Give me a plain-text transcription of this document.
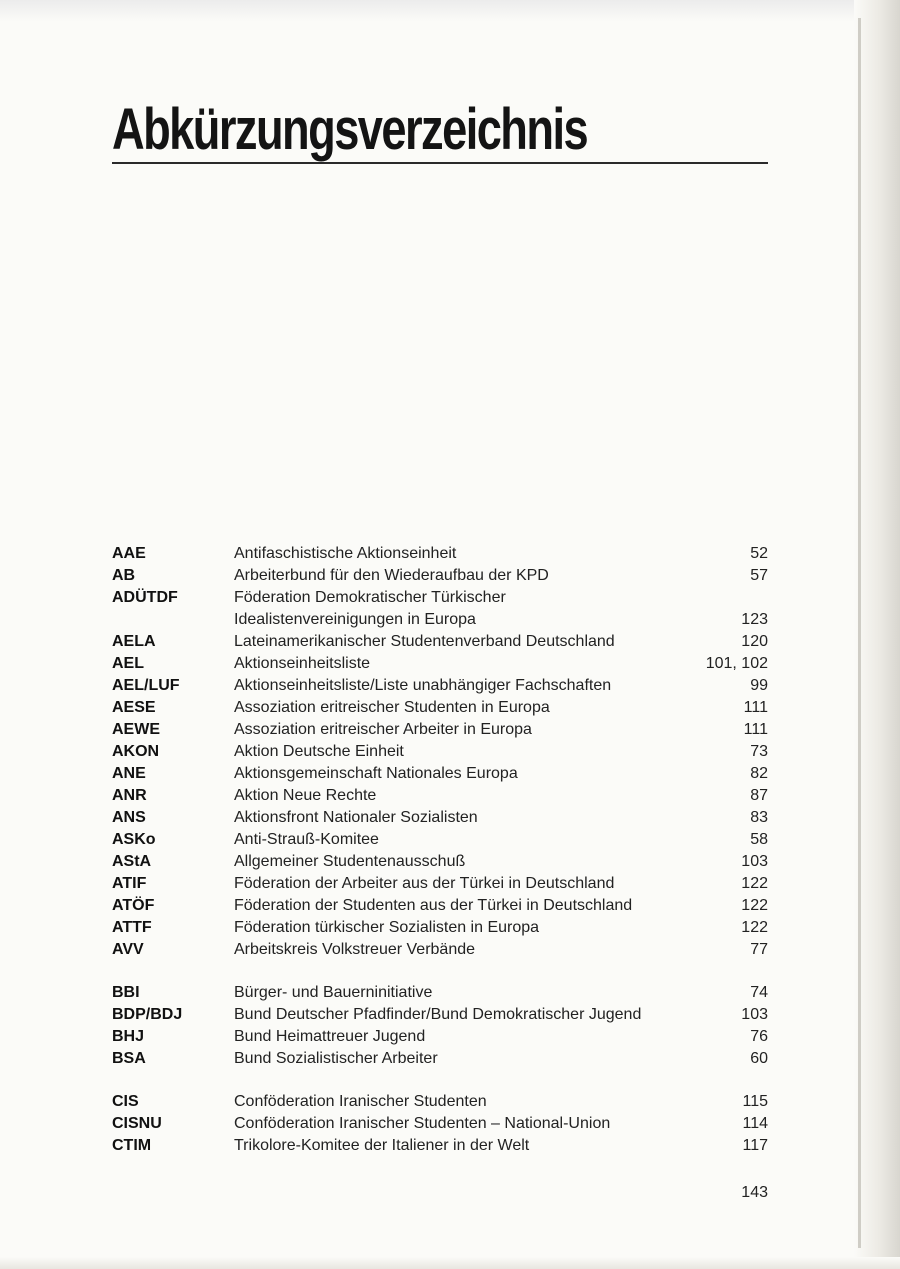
Abkürzungsverzeichnis
AAE	Antifaschistische Aktionseinheit	52
AB	Arbeiterbund für den Wiederaufbau der KPD	57
ADÜTDF	Föderation Demokratischer Türkischer
Idealistenvereinigungen in Europa	123
AELA	Lateinamerikanischer Studentenverband Deutschland	120
AEL	Aktionseinheitsliste	101, 102
AEL/LUF	Aktionseinheitsliste/Liste unabhängiger Fachschaften	99
AESE	Assoziation eritreischer Studenten in Europa	111
AEWE	Assoziation eritreischer Arbeiter in Europa	111
AKON	Aktion Deutsche Einheit	73
ANE	Aktionsgemeinschaft Nationales Europa	82
ANR	Aktion Neue Rechte	87
ANS	Aktionsfront Nationaler Sozialisten	83
ASKo	Anti-Strauß-Komitee	58
AStA	Allgemeiner Studentenausschuß	103
ATIF	Föderation der Arbeiter aus der Türkei in Deutschland	122
ATÖF	Föderation der Studenten aus der Türkei in Deutschland	122
ATTF	Föderation türkischer Sozialisten in Europa	122
AVV	Arbeitskreis Volkstreuer Verbände	77
BBI	Bürger- und Bauerninitiative	74
BDP/BDJ	Bund Deutscher Pfadfinder/Bund Demokratischer Jugend	103
BHJ	Bund Heimattreuer Jugend	76
BSA	Bund Sozialistischer Arbeiter	60
CIS	Conföderation Iranischer Studenten	115
CISNU	Conföderation Iranischer Studenten – National-Union	114
CTIM	Trikolore-Komitee der Italiener in der Welt	117
143
